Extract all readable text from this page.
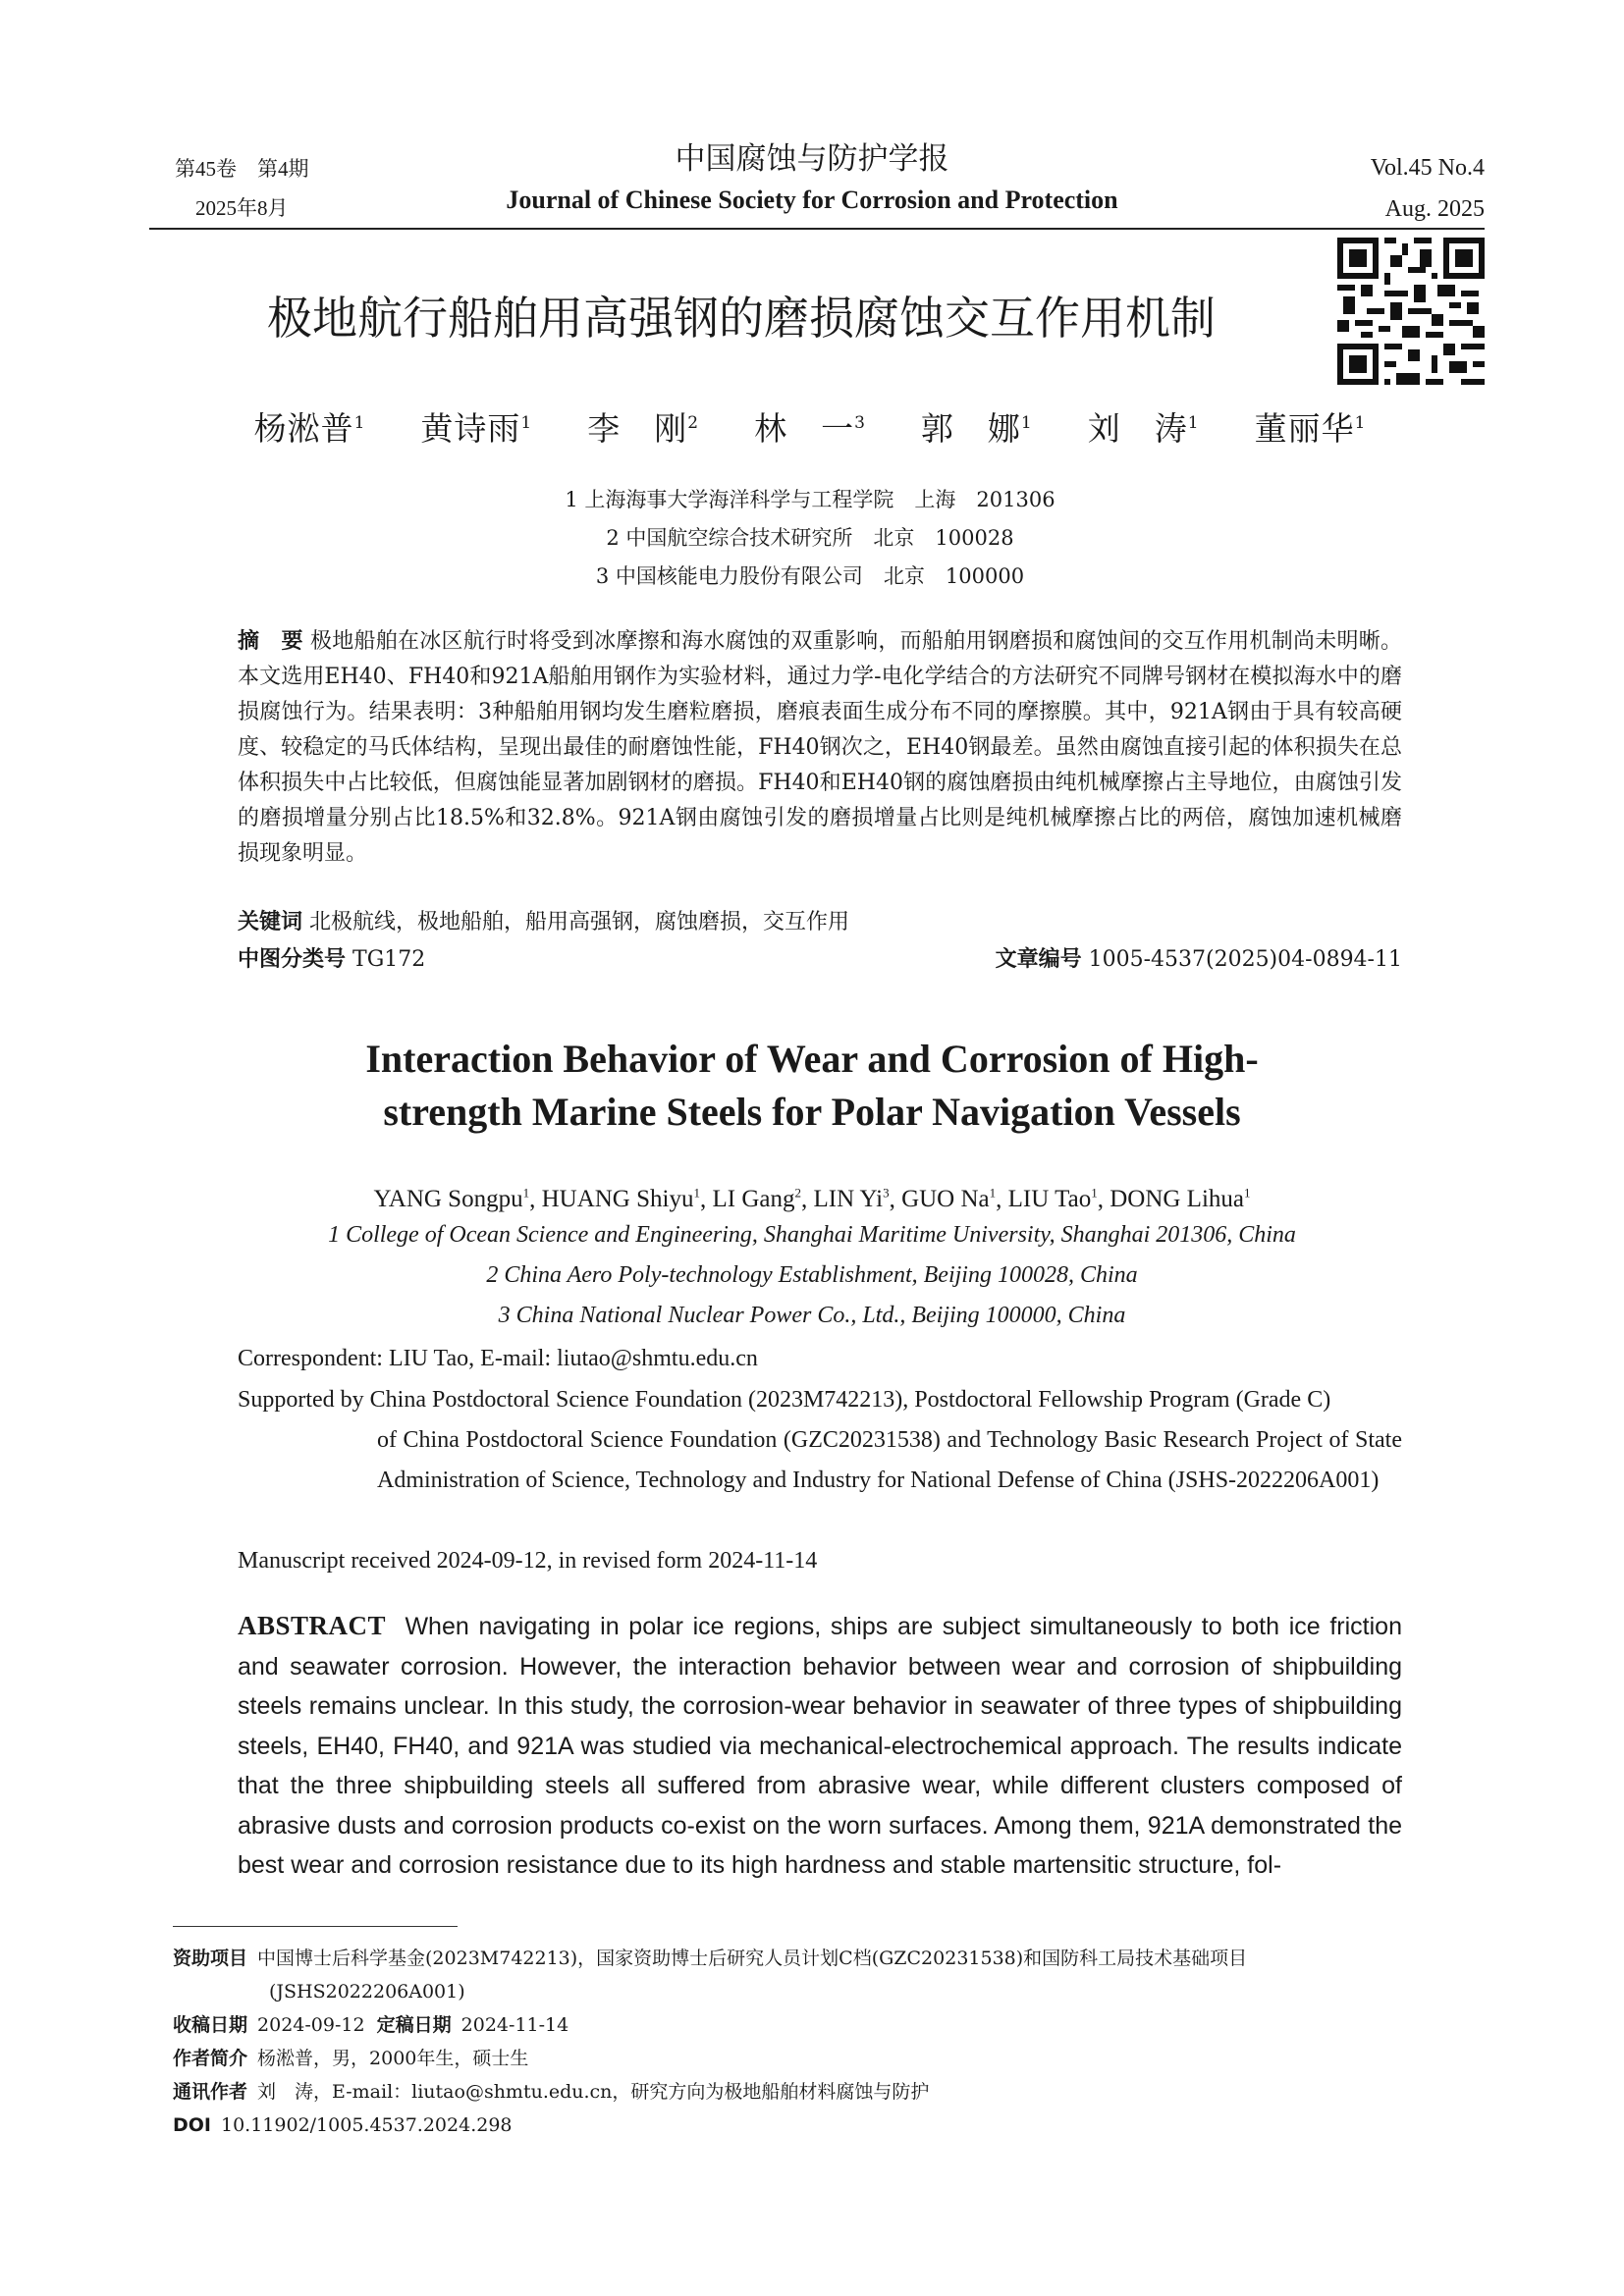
第45卷　第4期
2025年8月
中国腐蚀与防护学报
Journal of Chinese Society for Corrosion and Protection
Vol.45 No.4
Aug. 2025
极地航行船舶用高强钢的磨损腐蚀交互作用机制
杨淞普$^1$ 黄诗雨$^1$ 李　刚$^2$ 林　一$^3$ 郭　娜$^1$ 刘　涛$^1$ 董丽华$^1$
1 上海海事大学海洋科学与工程学院　上海　201306
2 中国航空综合技术研究所　北京　100028
3 中国核能电力股份有限公司　北京　100000
摘　要 极地船舶在冰区航行时将受到冰摩擦和海水腐蚀的双重影响，而船舶用钢磨损和腐蚀间的交互作用机制尚未明晰。本文选用EH40、FH40和921A船舶用钢作为实验材料，通过力学-电化学结合的方法研究不同牌号钢材在模拟海水中的磨损腐蚀行为。结果表明：3种船舶用钢均发生磨粒磨损，磨痕表面生成分布不同的摩擦膜。其中，921A钢由于具有较高硬度、较稳定的马氏体结构，呈现出最佳的耐磨蚀性能，FH40钢次之，EH40钢最差。虽然由腐蚀直接引起的体积损失在总体积损失中占比较低，但腐蚀能显著加剧钢材的磨损。FH40和EH40钢的腐蚀磨损由纯机械摩擦占主导地位，由腐蚀引发的磨损增量分别占比18.5%和32.8%。921A钢由腐蚀引发的磨损增量占比则是纯机械摩擦占比的两倍，腐蚀加速机械磨损现象明显。
关键词 北极航线，极地船舶，船用高强钢，腐蚀磨损，交互作用
中图分类号 TG172	文章编号 1005-4537(2025)04-0894-11
Interaction Behavior of Wear and Corrosion of High-
strength Marine Steels for Polar Navigation Vessels
YANG Songpu$^1$, HUANG Shiyu$^1$, LI Gang$^2$, LIN Yi$^3$, GUO Na$^1$, LIU Tao$^1$, DONG Lihua$^1$
1 College of Ocean Science and Engineering, Shanghai Maritime University, Shanghai 201306, China
2 China Aero Poly-technology Establishment, Beijing 100028, China
3 China National Nuclear Power Co., Ltd., Beijing 100000, China
Correspondent: LIU Tao, E-mail: liutao@shmtu.edu.cn
Supported by China Postdoctoral Science Foundation (2023M742213), Postdoctoral Fellowship Program (Grade C)
of China Postdoctoral Science Foundation (GZC20231538) and Technology Basic Research Project of State Administration of Science, Technology and Industry for National Defense of China (JSHS-2022206A001)
Manuscript received 2024-09-12, in revised form 2024-11-14
ABSTRACT When navigating in polar ice regions, ships are subject simultaneously to both ice friction and seawater corrosion. However, the interaction behavior between wear and corrosion of shipbuilding steels remains unclear. In this study, the corrosion-wear behavior in seawater of three types of shipbuilding steels, EH40, FH40, and 921A was studied via mechanical-electrochemical approach. The results indicate that the three shipbuilding steels all suffered from abrasive wear, while different clusters composed of abrasive dusts and corrosion products co-exist on the worn surfaces. Among them, 921A demonstrated the best wear and corrosion resistance due to its high hardness and stable martensitic structure, fol-
资助项目 中国博士后科学基金(2023M742213)，国家资助博士后研究人员计划C档(GZC20231538)和国防科工局技术基础项目
(JSHS2022206A001)
收稿日期 2024-09-12 定稿日期 2024-11-14
作者简介 杨淞普，男，2000年生，硕士生
通讯作者 刘　涛，E-mail：liutao@shmtu.edu.cn，研究方向为极地船舶材料腐蚀与防护
DOI 10.11902/1005.4537.2024.298
